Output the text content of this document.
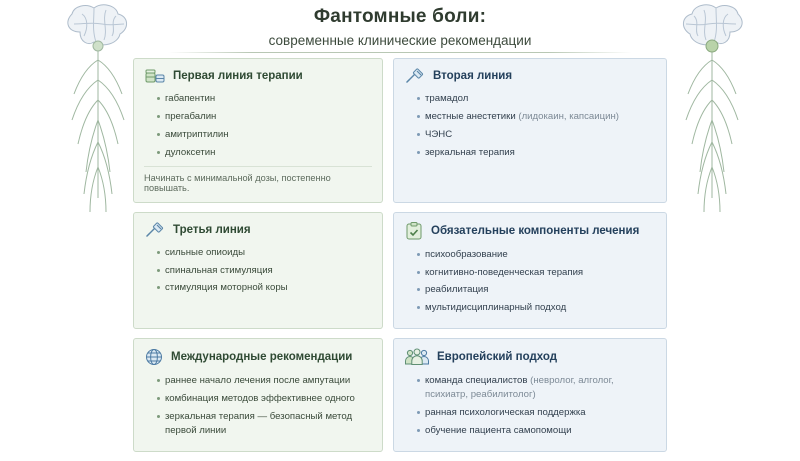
Фантомные боли:
современные клинические рекомендации
Первая линия терапии
габапентин
прегабалин
амитриптилин
дулоксетин
Начинать с минимальной дозы, постепенно повышать.
Вторая линия
трамадол
местные анестетики (лидокаин, капсаицин)
ЧЭНС
зеркальная терапия
Третья линия
сильные опиоиды
спинальная стимуляция
стимуляция моторной коры
Обязательные компоненты лечения
психообразование
когнитивно-поведенческая терапия
реабилитация
мультидисциплинарный подход
Международные рекомендации
раннее начало лечения после ампутации
комбинация методов эффективнее одного
зеркальная терапия — безопасный метод первой линии
Европейский подход
команда специалистов (невролог, алголог, психиатр, реабилитолог)
ранная психологическая поддержка
обучение пациента самопомощи
